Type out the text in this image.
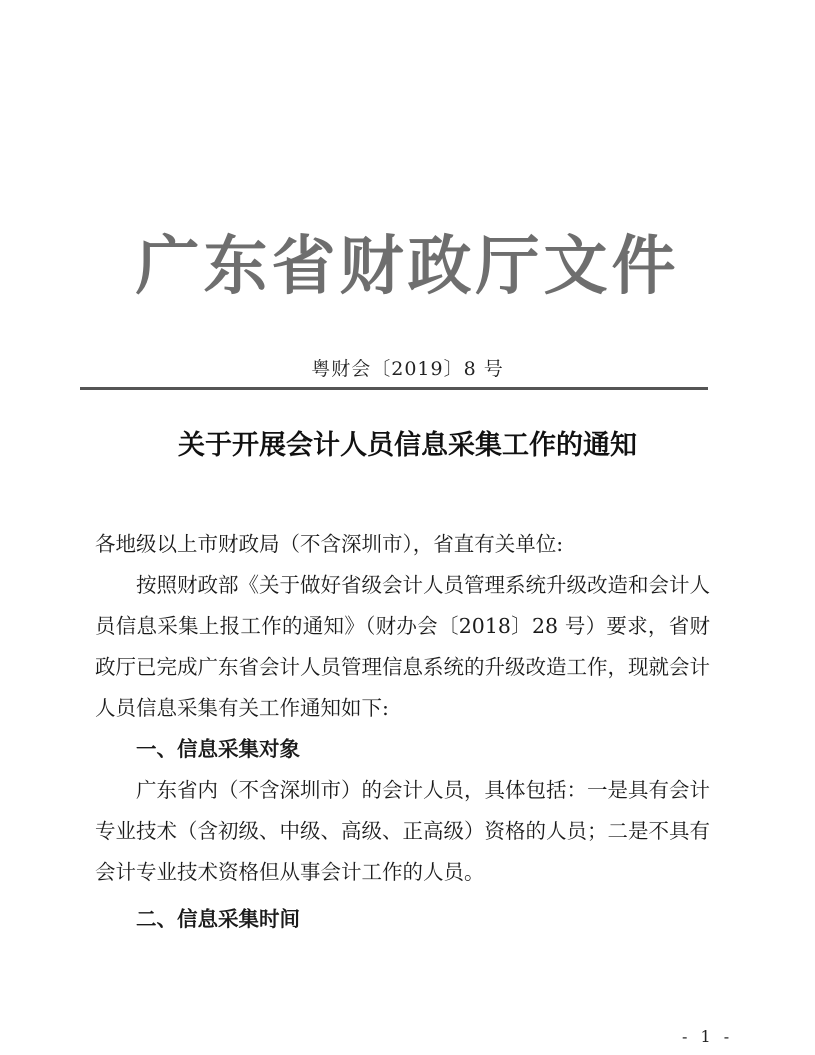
广东省财政厅文件
粤财会〔2019〕8 号
关于开展会计人员信息采集工作的通知

各地级以上市财政局（不含深圳市），省直有关单位:

按照财政部《关于做好省级会计人员管理系统升级改造和会计人员信息采集上报工作的通知》（财办会〔2018〕28 号）要求，省财政厅已完成广东省会计人员管理信息系统的升级改造工作，现就会计人员信息采集有关工作通知如下:

一、信息采集对象

广东省内（不含深圳市）的会计人员，具体包括：一是具有会计专业技术（含初级、中级、高级、正高级）资格的人员；二是不具有会计专业技术资格但从事会计工作的人员。

二、信息采集时间

- 1 -
